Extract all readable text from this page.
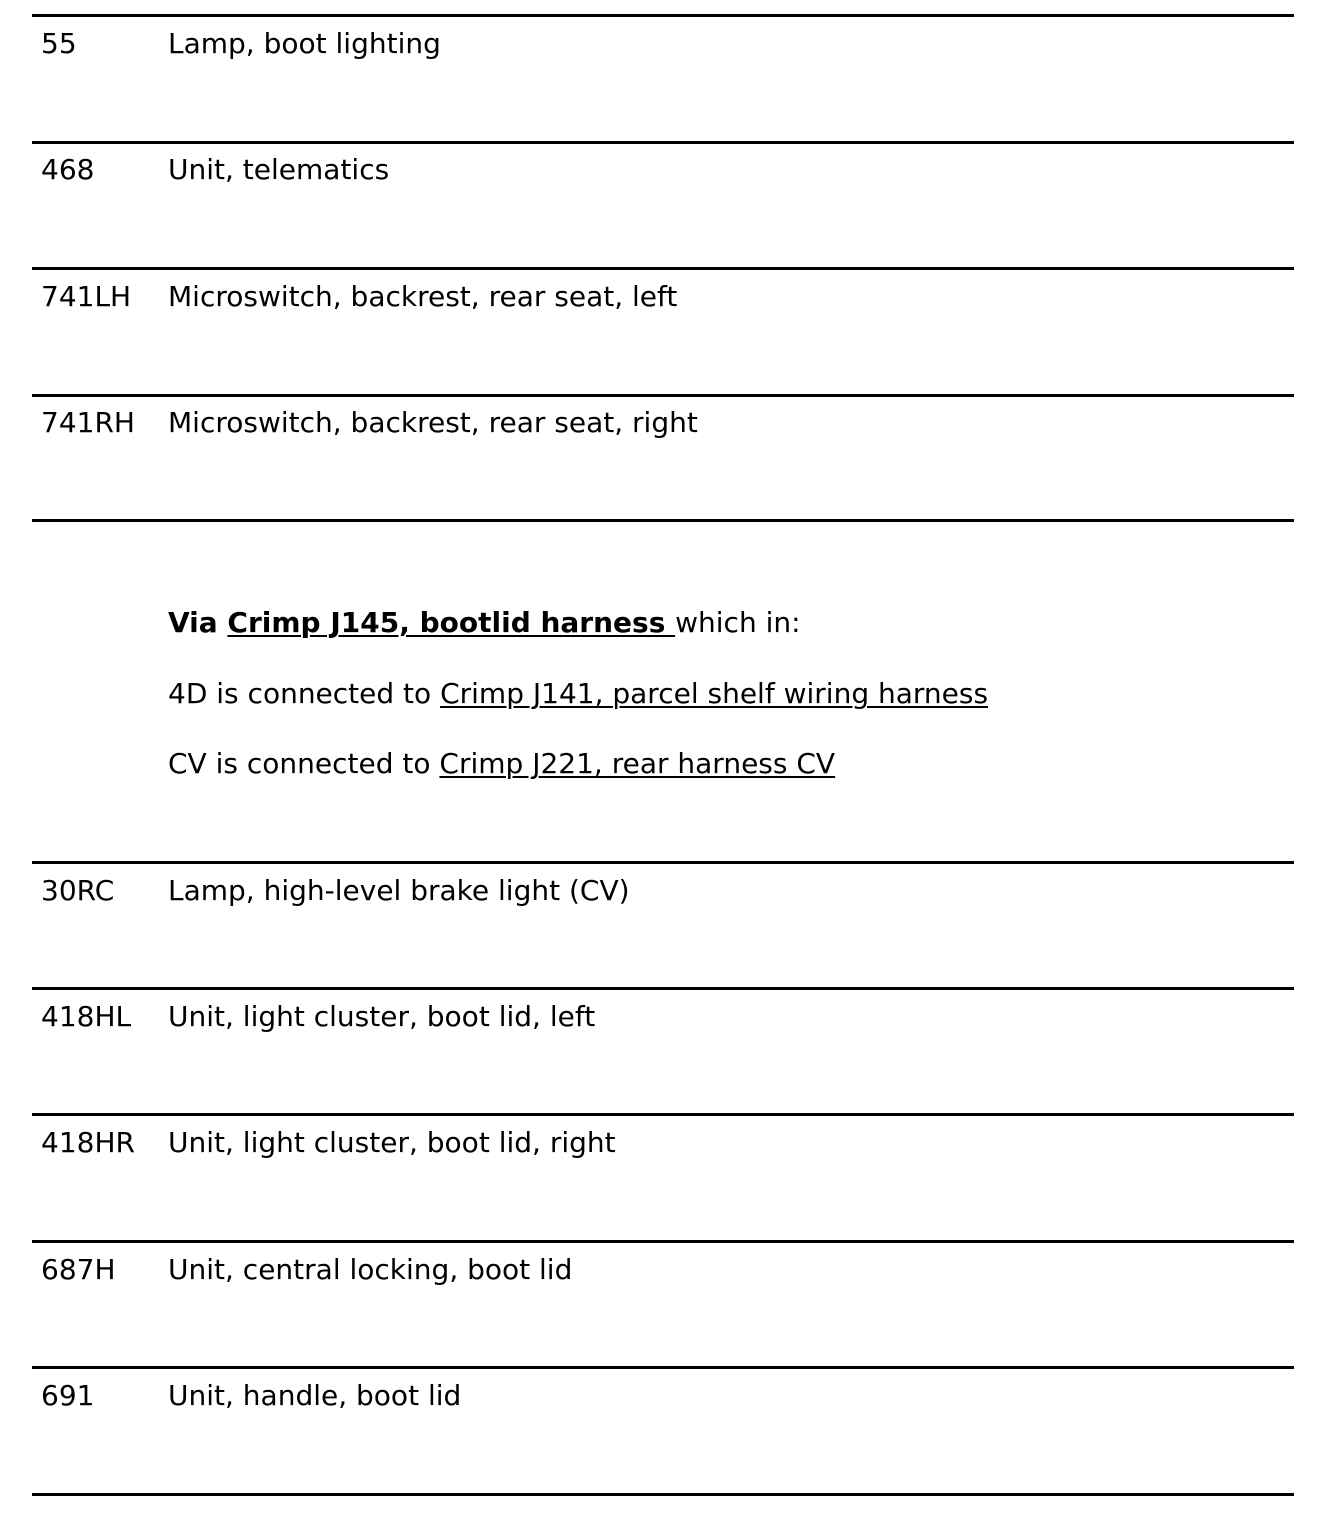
55	Lamp, boot lighting
468	Unit, telematics
741LH Microswitch, backrest, rear seat, left
741RH Microswitch, backrest, rear seat, right
Via Crimp J145, bootlid harness which in:
4D is connected to Crimp J141, parcel shelf wiring harness
CV is connected to Crimp J221, rear harness CV
30RC Lamp, high-level brake light (CV)
418HL Unit, light cluster, boot lid, left
418HR Unit, light cluster, boot lid, right
687H Unit, central locking, boot lid
691	Unit, handle, boot lid
